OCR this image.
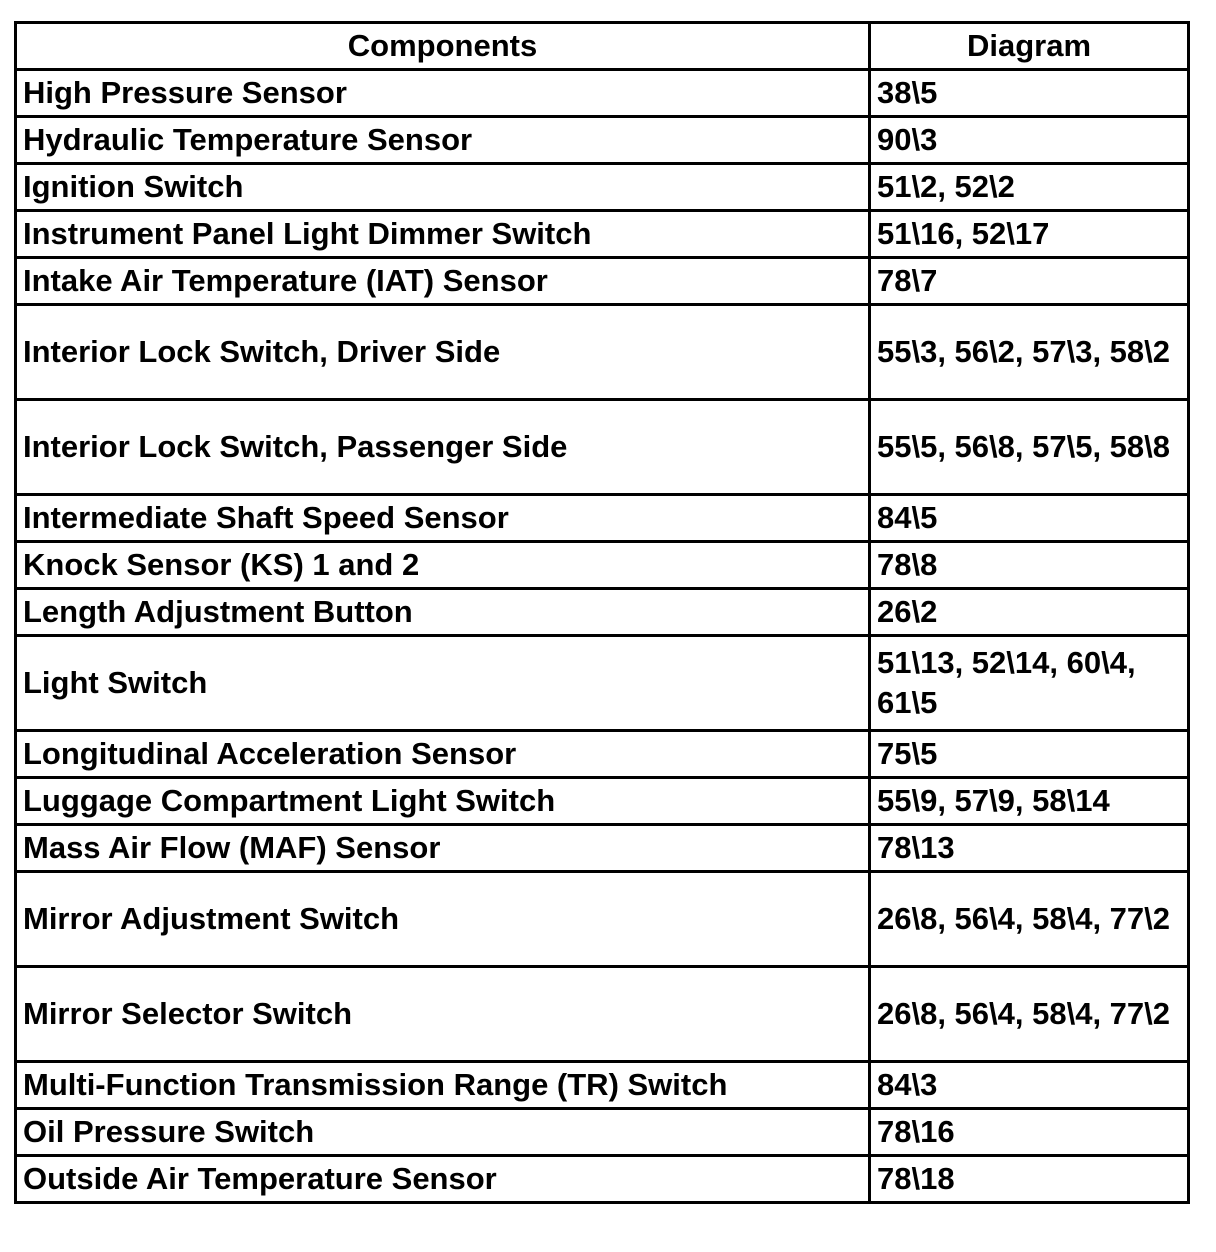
Components	Diagram
High Pressure Sensor	38\5
Hydraulic Temperature Sensor	90\3
Ignition Switch	51\2, 52\2
Instrument Panel Light Dimmer Switch	51\16, 52\17
Intake Air Temperature (IAT) Sensor	78\7
Interior Lock Switch, Driver Side	55\3, 56\2, 57\3, 58\2
Interior Lock Switch, Passenger Side	55\5, 56\8, 57\5, 58\8
Intermediate Shaft Speed Sensor	84\5
Knock Sensor (KS) 1 and 2	78\8
Length Adjustment Button	26\2
Light Switch	51\13, 52\14, 60\4, 61\5
Longitudinal Acceleration Sensor	75\5
Luggage Compartment Light Switch	55\9, 57\9, 58\14
Mass Air Flow (MAF) Sensor	78\13
Mirror Adjustment Switch	26\8, 56\4, 58\4, 77\2
Mirror Selector Switch	26\8, 56\4, 58\4, 77\2
Multi-Function Transmission Range (TR) Switch	84\3
Oil Pressure Switch	78\16
Outside Air Temperature Sensor	78\18
